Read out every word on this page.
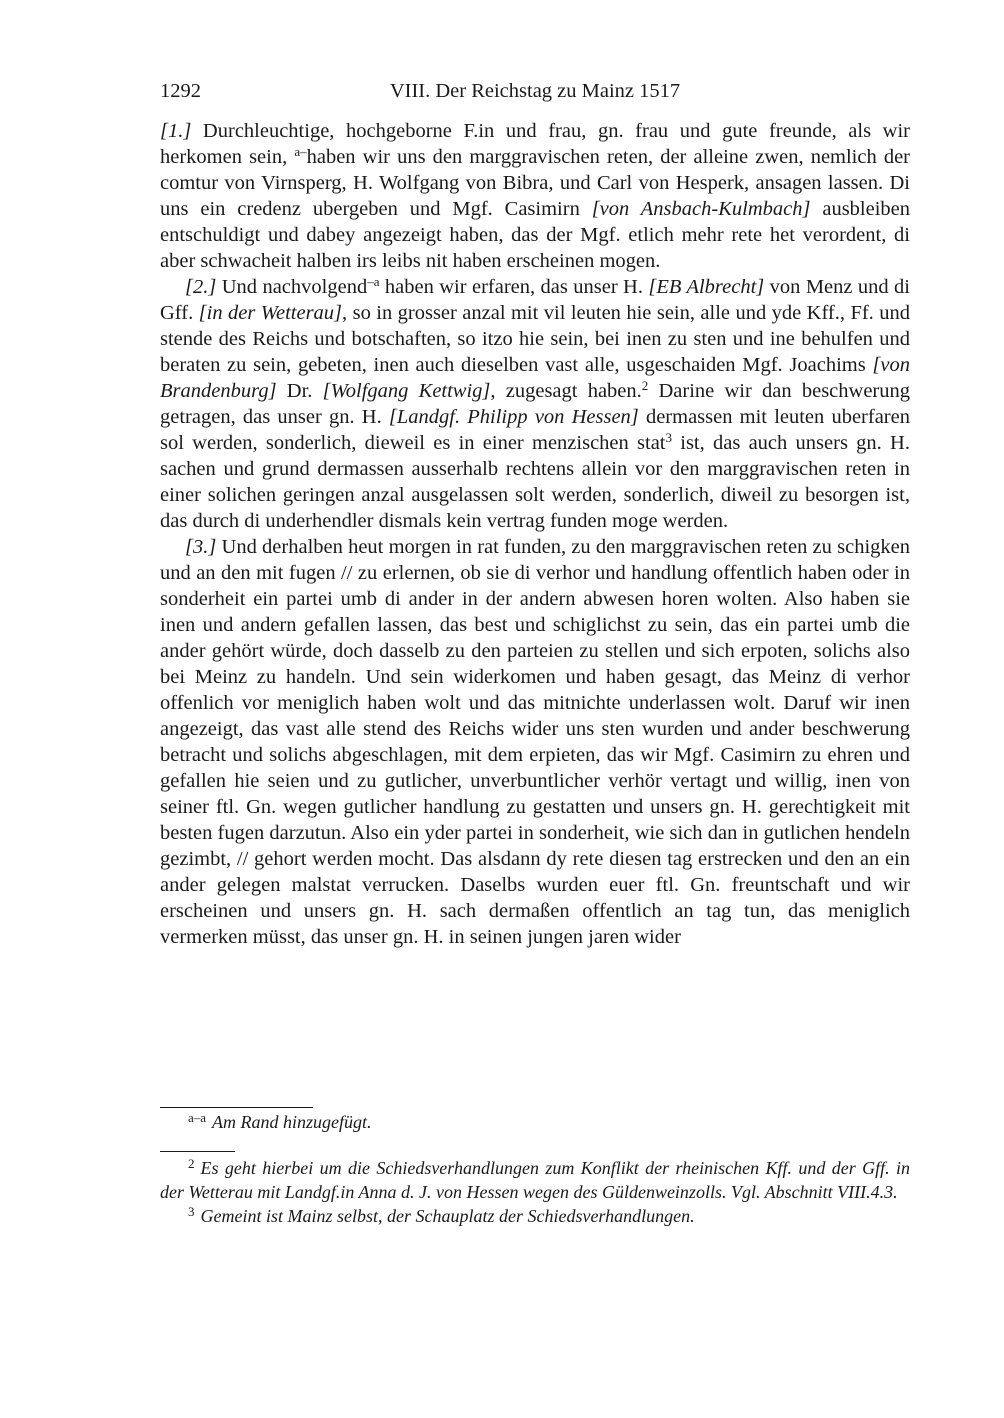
1292	VIII. Der Reichstag zu Mainz 1517

[1.] Durchleuchtige, hochgeborne F.in und frau, gn. frau und gute freunde, als wir herkomen sein, $^{a-}$haben wir uns den marggravischen reten, der alleine zwen, nemlich der comtur von Virnsperg, H. Wolfgang von Bibra, und Carl von Hesperk, ansagen lassen. Di uns ein credenz ubergeben und Mgf. Casimirn [von Ansbach-Kulmbach] ausbleiben entschuldigt und dabey angezeigt haben, das der Mgf. etlich mehr rete het verordent, di aber schwacheit halben irs leibs nit haben erscheinen mogen.

[2.] Und nachvolgend$^{-a}$ haben wir erfaren, das unser H. [EB Albrecht] von Menz und di Gff. [in der Wetterau], so in grosser anzal mit vil leuten hie sein, alle und yde Kff., Ff. und stende des Reichs und botschaften, so itzo hie sein, bei inen zu sten und ine behulfen und beraten zu sein, gebeten, inen auch dieselben vast alle, usgeschaiden Mgf. Joachims [von Brandenburg] Dr. [Wolfgang Kettwig], zugesagt haben.$^2$ Darine wir dan beschwerung getragen, das unser gn. H. [Landgf. Philipp von Hessen] dermassen mit leuten uberfaren sol werden, sonderlich, dieweil es in einer menzischen stat$^3$ ist, das auch unsers gn. H. sachen und grund dermassen ausserhalb rechtens allein vor den marggravischen reten in einer solichen geringen anzal ausgelassen solt werden, sonderlich, diweil zu besorgen ist, das durch di underhendler dismals kein vertrag funden moge werden.

[3.] Und derhalben heut morgen in rat funden, zu den marggravischen reten zu schigken und an den mit fugen // zu erlernen, ob sie di verhor und handlung offentlich haben oder in sonderheit ein partei umb di ander in der andern abwesen horen wolten. Also haben sie inen und andern gefallen lassen, das best und schiglichst zu sein, das ein partei umb die ander gehört würde, doch dasselb zu den parteien zu stellen und sich erpoten, solichs also bei Meinz zu handeln. Und sein widerkomen und haben gesagt, das Meinz di verhor offenlich vor meniglich haben wolt und das mitnichte underlassen wolt. Daruf wir inen angezeigt, das vast alle stend des Reichs wider uns sten wurden und ander beschwerung betracht und solichs abgeschlagen, mit dem erpieten, das wir Mgf. Casimirn zu ehren und gefallen hie seien und zu gutlicher, unverbuntlicher verhör vertagt und willig, inen von seiner ftl. Gn. wegen gutlicher handlung zu gestatten und unsers gn. H. gerechtigkeit mit besten fugen darzutun. Also ein yder partei in sonderheit, wie sich dan in gutlichen hendeln gezimbt, // gehort werden mocht. Das alsdann dy rete diesen tag erstrecken und den an ein ander gelegen malstat verrucken. Daselbs wurden euer ftl. Gn. freuntschaft und wir erscheinen und unsers gn. H. sach dermaßen offentlich an tag tun, das meniglich vermerken müsst, das unser gn. H. in seinen jungen jaren wider

$^{a-a}$ Am Rand hinzugefügt.

$^2$ Es geht hierbei um die Schiedsverhandlungen zum Konflikt der rheinischen Kff. und der Gff. in der Wetterau mit Landgf.in Anna d. J. von Hessen wegen des Güldenweinzolls. Vgl. Abschnitt VIII.4.3.

$^3$ Gemeint ist Mainz selbst, der Schauplatz der Schiedsverhandlungen.
